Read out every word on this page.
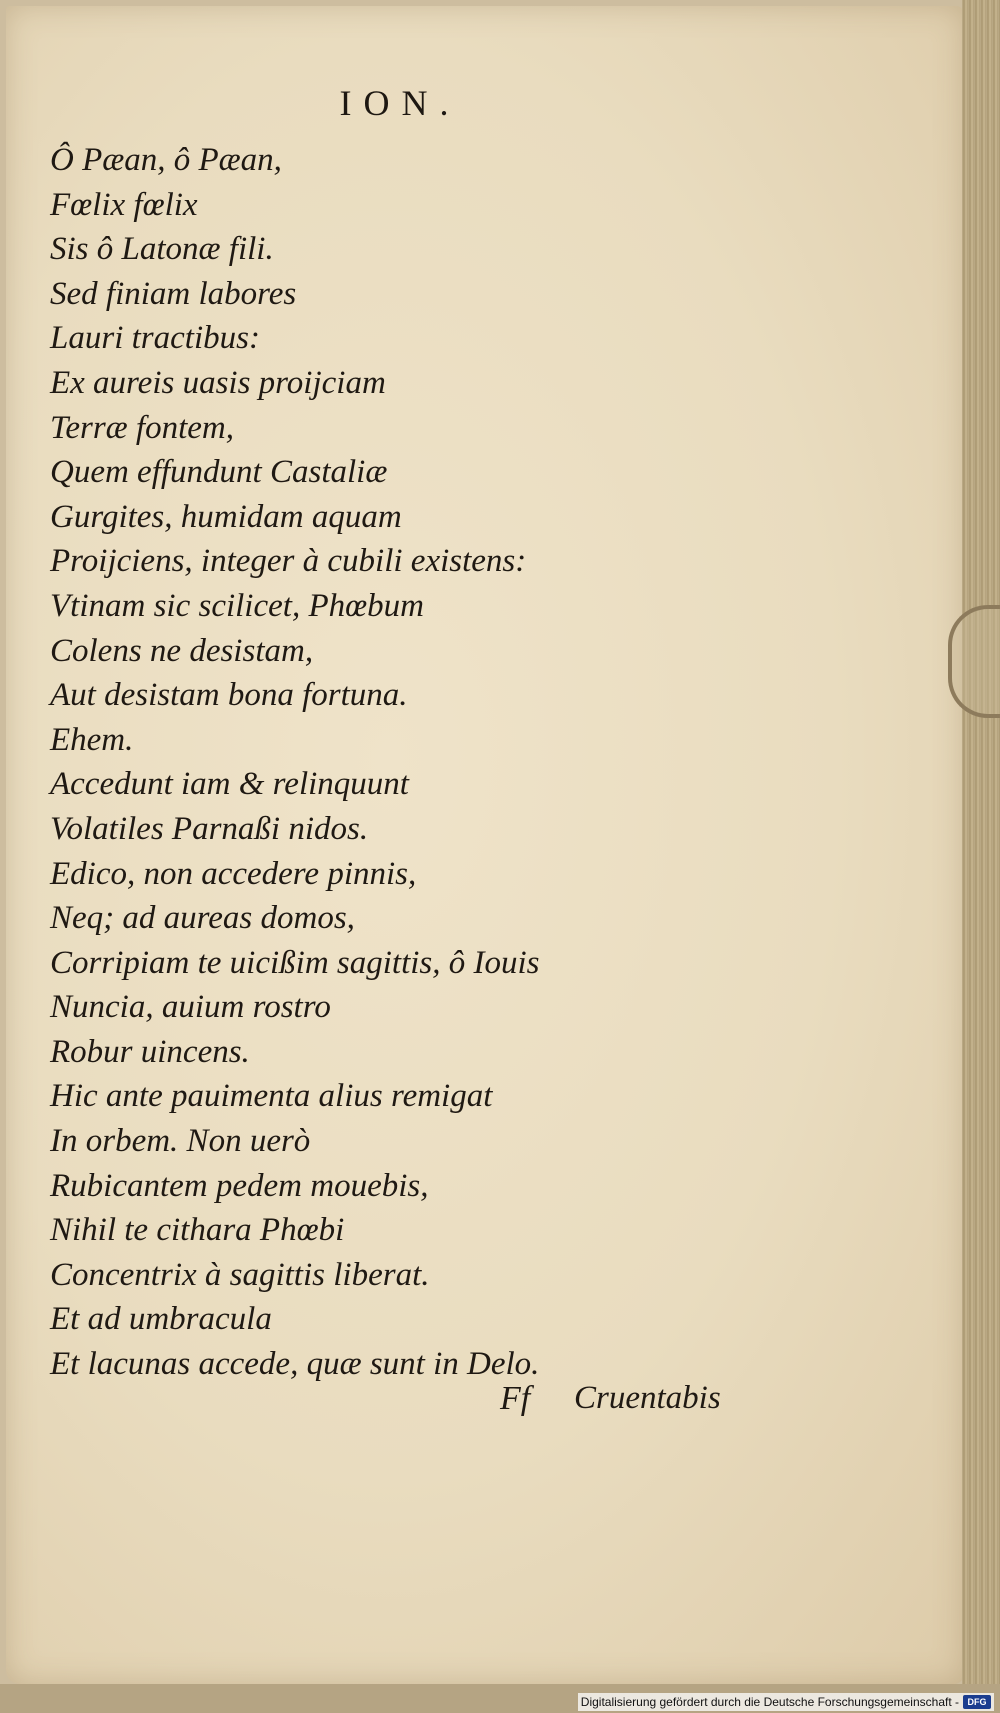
ION.
Ô Pæan, ô Pæan,
Fœlix fœlix
Sis ô Latonæ fili.
Sed finiam labores
Lauri tractibus:
Ex aureis uasis proijciam
Terræ fontem,
Quem effundunt Castaliæ
Gurgites, humidam aquam
Proijciens, integer à cubili existens:
Vtinam sic scilicet, Phœbum
Colens ne desistam,
Aut desistam bona fortuna.
Ehem.
Accedunt iam & relinquunt
Volatiles Parnaßi nidos.
Edico, non accedere pinnis,
Neq; ad aureas domos,
Corripiam te uicißim sagittis, ô Iouis
Nuncia, auium rostro
Robur uincens.
Hic ante pauimenta alius remigat
In orbem. Non uerò
Rubicantem pedem mouebis,
Nihil te cithara Phœbi
Concentrix à sagittis liberat.
Et ad umbracula
Et lacunas accede, quæ sunt in Delo.
Ff Cruentabis
Digitalisierung gefördert durch die Deutsche Forschungsgemeinschaft - DFG
